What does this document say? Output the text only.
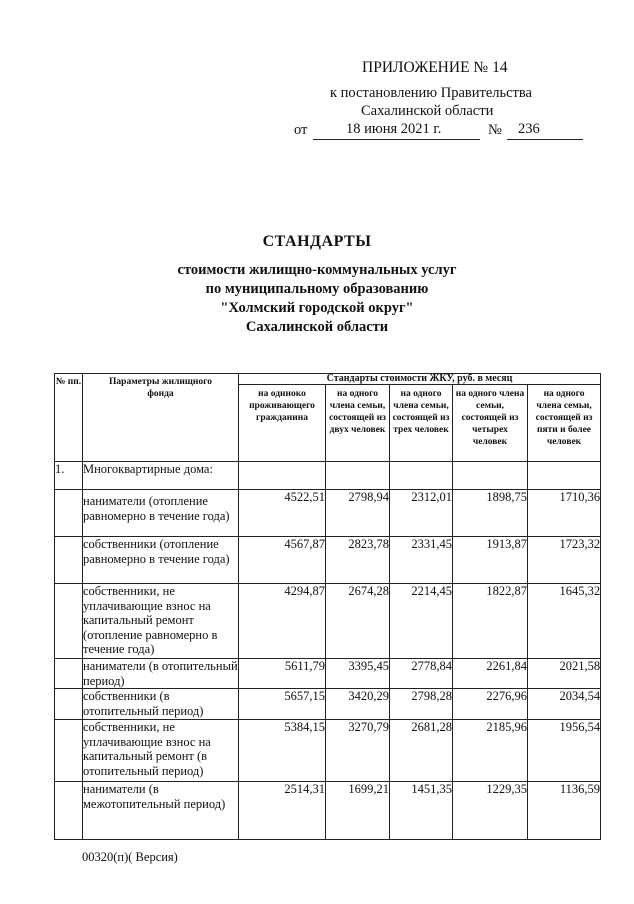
ПРИЛОЖЕНИЕ № 14
к постановлению Правительства
Сахалинской области
от	18 июня 2021 г.	№ 236
СТАНДАРТЫ
стоимости жилищно-коммунальных услуг
по муниципальному образованию
"Холмский городской округ"
Сахалинской области
№ пп.	Параметры жилищного фонда	Стандарты стоимости ЖКУ, руб. в месяц				
		на одиноко проживающего гражданина	на одного члена семьи, состоящей из двух человек	на одного члена семьи, состоящей из трех человек	на одного члена семьи, состоящей из четырех человек	на одного члена семьи, состоящей из пяти и более человек
1.	Многоквартирные дома:					
	наниматели (отопление равномерно в течение года)	4522,51	2798,94	2312,01	1898,75	1710,36
	собственники (отопление равномерно в течение года)	4567,87	2823,78	2331,45	1913,87	1723,32
	собственники, не уплачивающие взнос на капитальный ремонт (отопление равномерно в течение года)	4294,87	2674,28	2214,45	1822,87	1645,32
	наниматели (в отопительный период)	5611,79	3395,45	2778,84	2261,84	2021,58
	собственники (в отопительный период)	5657,15	3420,29	2798,28	2276,96	2034,54
	собственники, не уплачивающие взнос на капитальный ремонт (в отопительный период)	5384,15	3270,79	2681,28	2185,96	1956,54
	наниматели (в межотопительный период)	2514,31	1699,21	1451,35	1229,35	1136,59
00320(п)( Версия)
